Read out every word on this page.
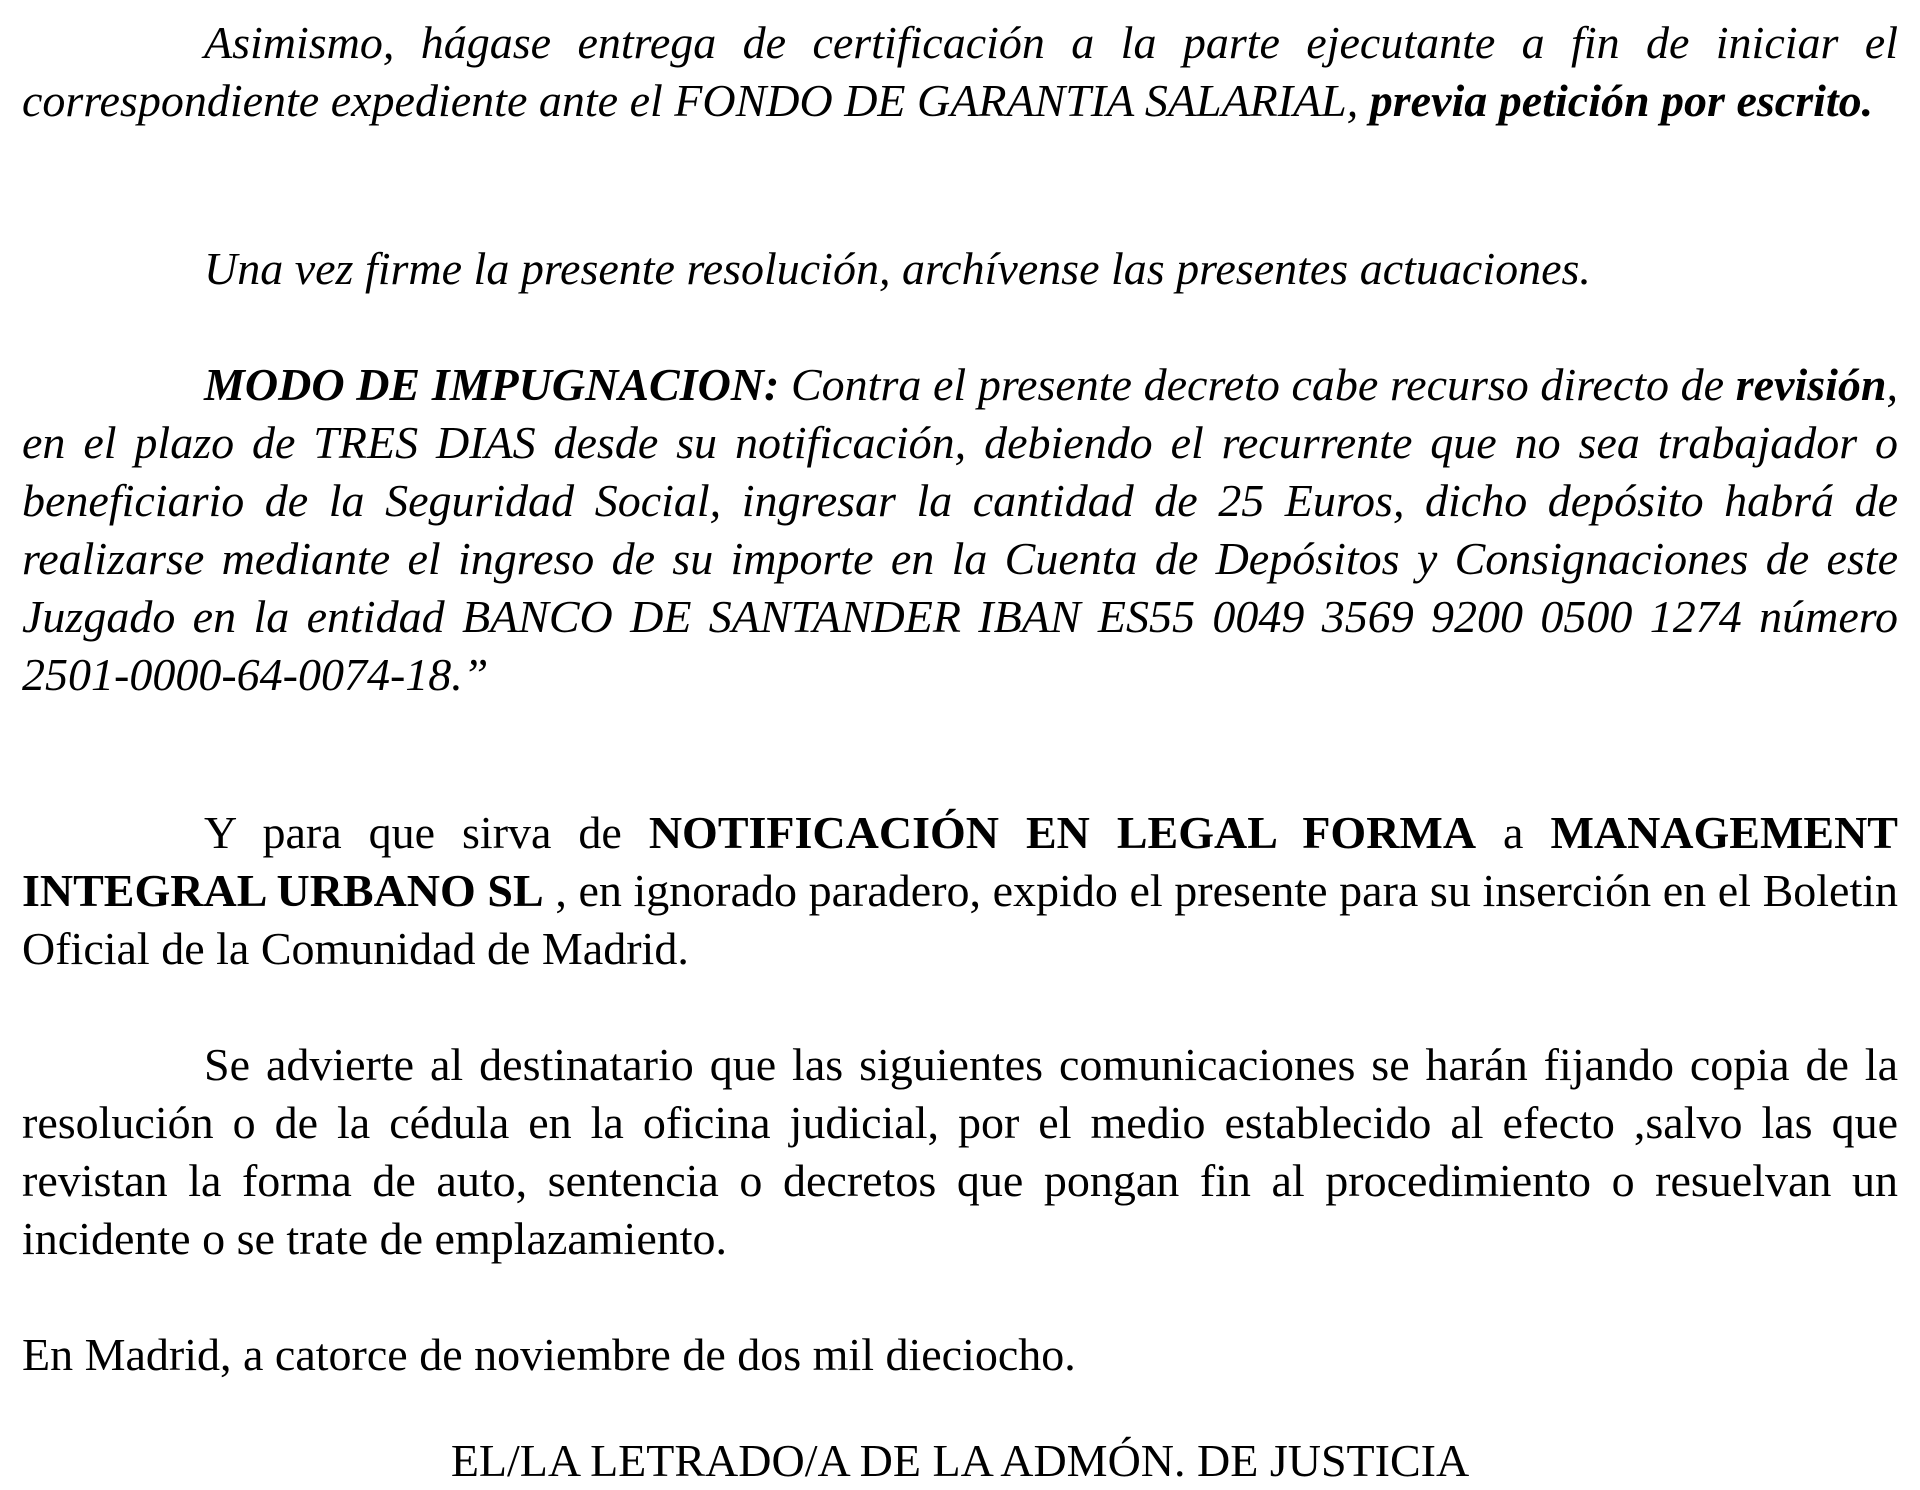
Asimismo, hágase entrega de certificación a la parte ejecutante a fin de iniciar el correspondiente expediente ante el FONDO DE GARANTIA SALARIAL, previa petición por escrito.

Una vez firme la presente resolución, archívense las presentes actuaciones.

MODO DE IMPUGNACION: Contra el presente decreto cabe recurso directo de revisión, en el plazo de TRES DIAS desde su notificación, debiendo el recurrente que no sea trabajador o beneficiario de la Seguridad Social, ingresar la cantidad de 25 Euros, dicho depósito habrá de realizarse mediante el ingreso de su importe en la Cuenta de Depósitos y Consignaciones de este Juzgado en la entidad BANCO DE SANTANDER IBAN ES55 0049 3569 9200 0500 1274 número 2501-0000-64-0074-18.”

Y para que sirva de NOTIFICACIÓN EN LEGAL FORMA a MANAGEMENT INTEGRAL URBANO SL , en ignorado paradero, expido el presente para su inserción en el Boletin Oficial de la Comunidad de Madrid.

Se advierte al destinatario que las siguientes comunicaciones se harán fijando copia de la resolución o de la cédula en la oficina judicial, por el medio establecido al efecto ,salvo las que revistan la forma de auto, sentencia o decretos que pongan fin al procedimiento o resuelvan un incidente o se trate de emplazamiento.

En Madrid, a catorce de noviembre de dos mil dieciocho.

EL/LA LETRADO/A DE LA ADMÓN. DE JUSTICIA
